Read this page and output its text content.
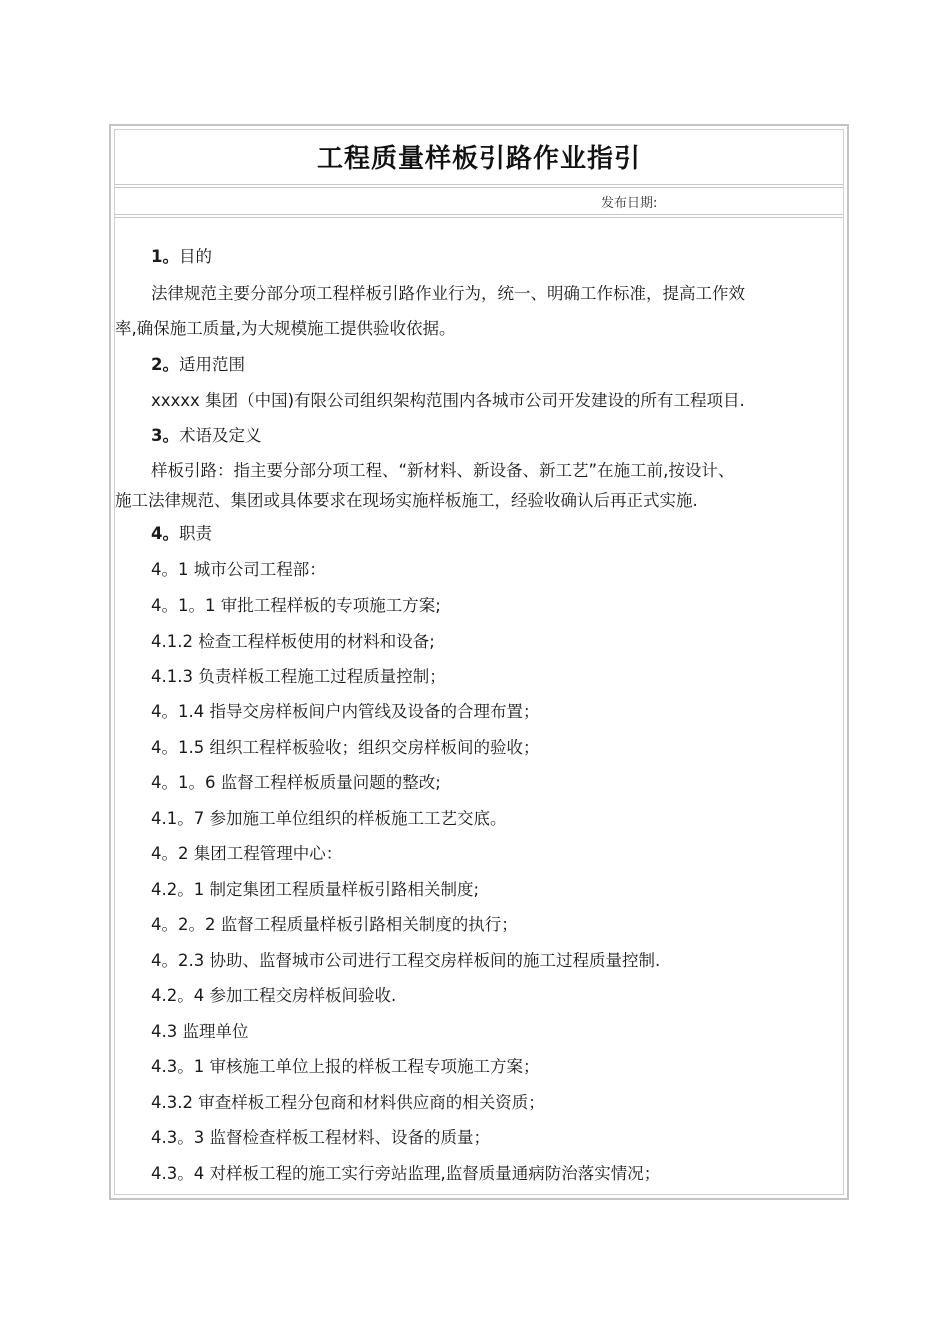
工程质量样板引路作业指引
发布日期:
1。目的
法律规范主要分部分项工程样板引路作业行为，统一、明确工作标准，提高工作效
率,确保施工质量,为大规模施工提供验收依据。
2。适用范围
xxxxx 集团（中国)有限公司组织架构范围内各城市公司开发建设的所有工程项目.
3。术语及定义
样板引路：指主要分部分项工程、“新材料、新设备、新工艺”在施工前,按设计、
施工法律规范、集团或具体要求在现场实施样板施工，经验收确认后再正式实施.
4。职责
4。1 城市公司工程部：
4。1。1 审批工程样板的专项施工方案;
4.1.2 检查工程样板使用的材料和设备;
4.1.3 负责样板工程施工过程质量控制；
4。1.4 指导交房样板间户内管线及设备的合理布置；
4。1.5 组织工程样板验收；组织交房样板间的验收；
4。1。6 监督工程样板质量问题的整改;
4.1。7 参加施工单位组织的样板施工工艺交底。
4。2 集团工程管理中心：
4.2。1 制定集团工程质量样板引路相关制度;
4。2。2 监督工程质量样板引路相关制度的执行；
4。2.3 协助、监督城市公司进行工程交房样板间的施工过程质量控制.
4.2。4 参加工程交房样板间验收.
4.3 监理单位
4.3。1 审核施工单位上报的样板工程专项施工方案；
4.3.2 审查样板工程分包商和材料供应商的相关资质；
4.3。3 监督检查样板工程材料、设备的质量；
4.3。4 对样板工程的施工实行旁站监理,监督质量通病防治落实情况；
